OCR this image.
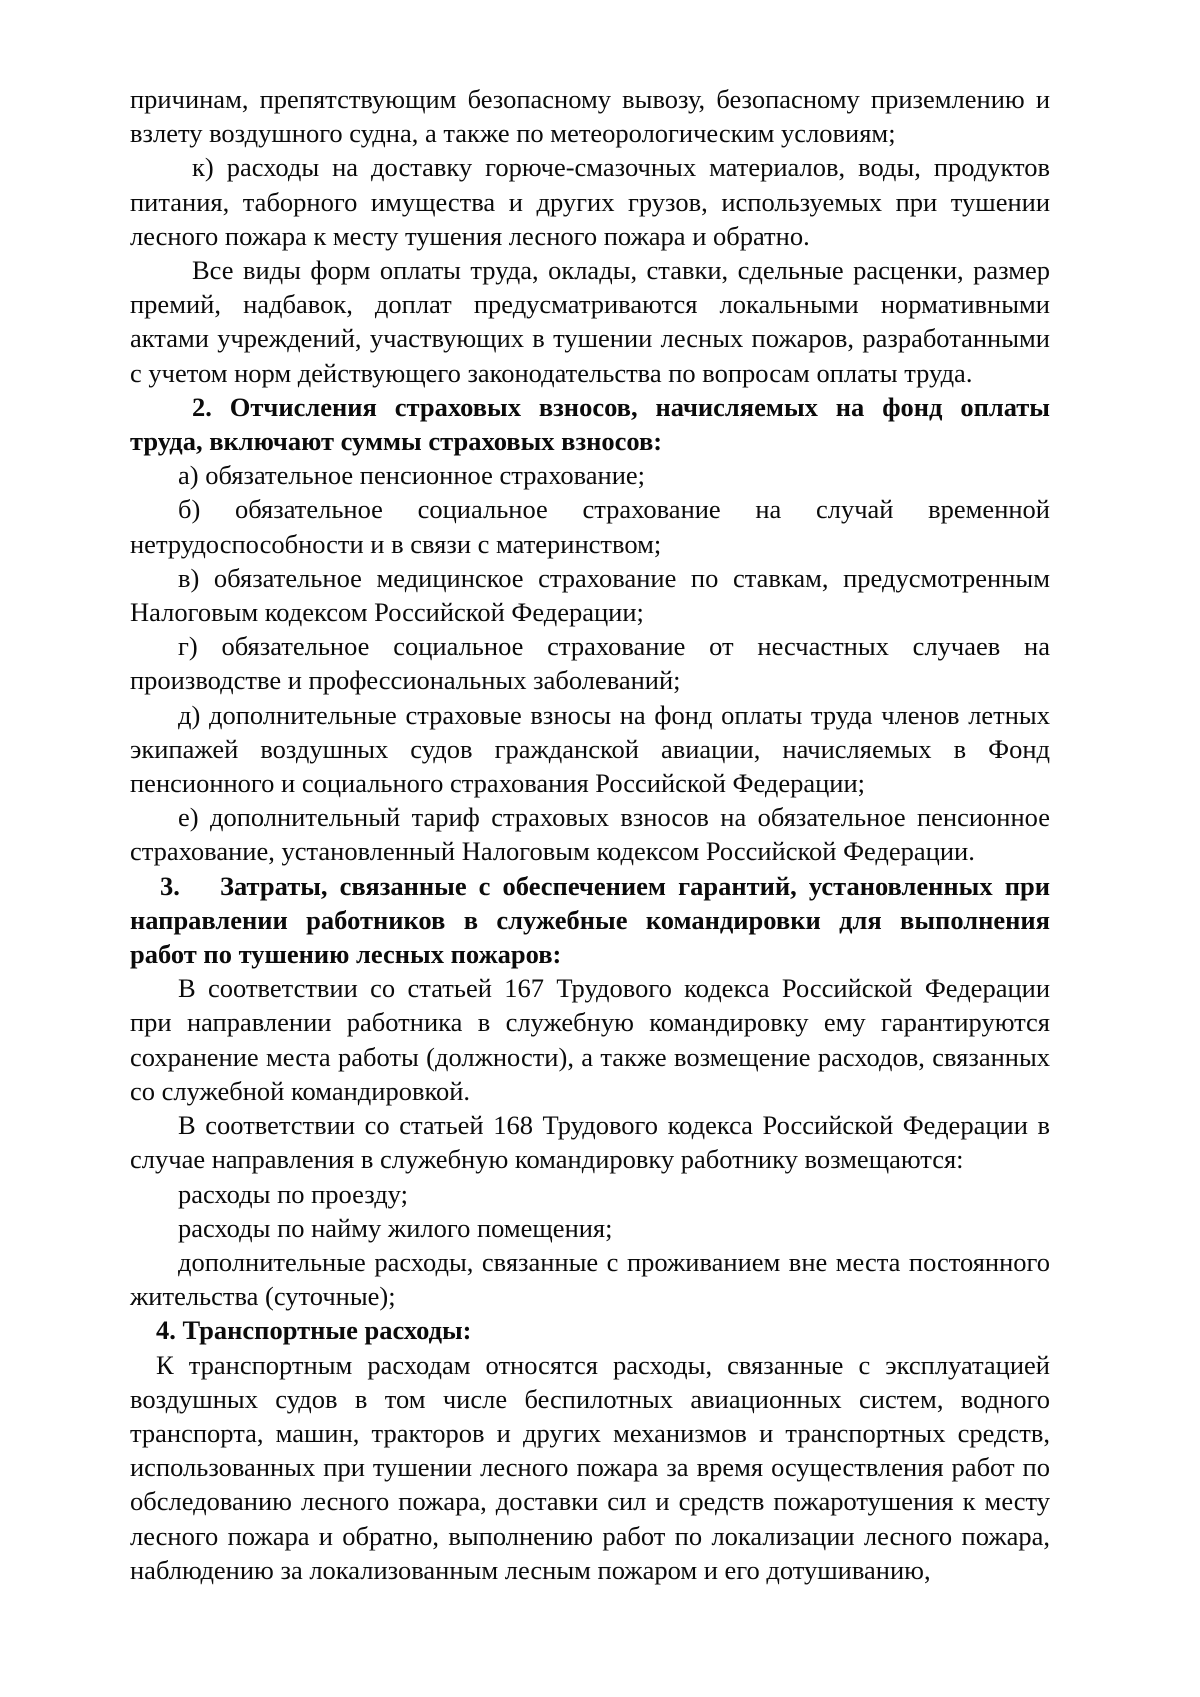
причинам, препятствующим безопасному вывозу, безопасному приземлению и взлету воздушного судна, а также по метеорологическим условиям;

к) расходы на доставку горюче-смазочных материалов, воды, продуктов питания, таборного имущества и других грузов, используемых при тушении лесного пожара к месту тушения лесного пожара и обратно.

Все виды форм оплаты труда, оклады, ставки, сдельные расценки, размер премий, надбавок, доплат предусматриваются локальными нормативными актами учреждений, участвующих в тушении лесных пожаров, разработанными с учетом норм действующего законодательства по вопросам оплаты труда.

2. Отчисления страховых взносов, начисляемых на фонд оплаты труда, включают суммы страховых взносов:

а) обязательное пенсионное страхование;

б) обязательное социальное страхование на случай временной нетрудоспособности и в связи с материнством;

в) обязательное медицинское страхование по ставкам, предусмотренным Налоговым кодексом Российской Федерации;

г) обязательное социальное страхование от несчастных случаев на производстве и профессиональных заболеваний;

д) дополнительные страховые взносы на фонд оплаты труда членов летных экипажей воздушных судов гражданской авиации, начисляемых в Фонд пенсионного и социального страхования Российской Федерации;

е) дополнительный тариф страховых взносов на обязательное пенсионное страхование, установленный Налоговым кодексом Российской Федерации.

3. Затраты, связанные с обеспечением гарантий, установленных при направлении работников в служебные командировки для выполнения работ по тушению лесных пожаров:

В соответствии со статьей 167 Трудового кодекса Российской Федерации при направлении работника в служебную командировку ему гарантируются сохранение места работы (должности), а также возмещение расходов, связанных со служебной командировкой.

В соответствии со статьей 168 Трудового кодекса Российской Федерации в случае направления в служебную командировку работнику возмещаются:

расходы по проезду;

расходы по найму жилого помещения;

дополнительные расходы, связанные с проживанием вне места постоянного жительства (суточные);

4. Транспортные расходы:

К транспортным расходам относятся расходы, связанные с эксплуатацией воздушных судов в том числе беспилотных авиационных систем, водного транспорта, машин, тракторов и других механизмов и транспортных средств, использованных при тушении лесного пожара за время осуществления работ по обследованию лесного пожара, доставки сил и средств пожаротушения к месту лесного пожара и обратно, выполнению работ по локализации лесного пожара, наблюдению за локализованным лесным пожаром и его дотушиванию,
